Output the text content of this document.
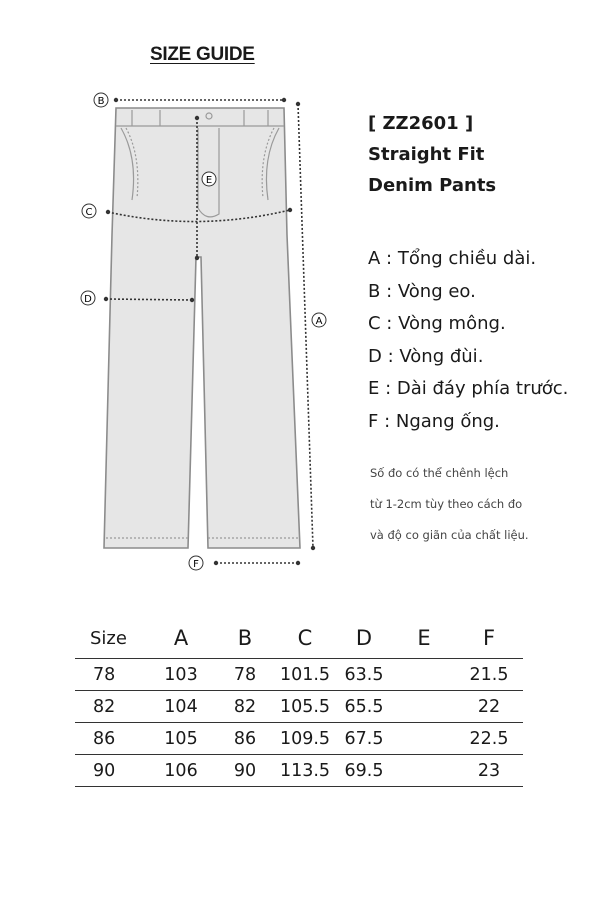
SIZE GUIDE
B
C
D
E
A
F
[ ZZ2601 ]
Straight Fit
Denim Pants
A : Tổng chiều dài.
B : Vòng eo.
C : Vòng mông.
D : Vòng đùi.
E : Dài đáy phía trước.
F : Ngang ống.
Số đo có thể chênh lệch
từ 1-2cm tùy theo cách đo
và độ co giãn của chất liệu.
Size	A	B	C	D	E	F
78	103	78	101.5	63.5		21.5
82	104	82	105.5	65.5		22
86	105	86	109.5	67.5		22.5
90	106	90	113.5	69.5		23
